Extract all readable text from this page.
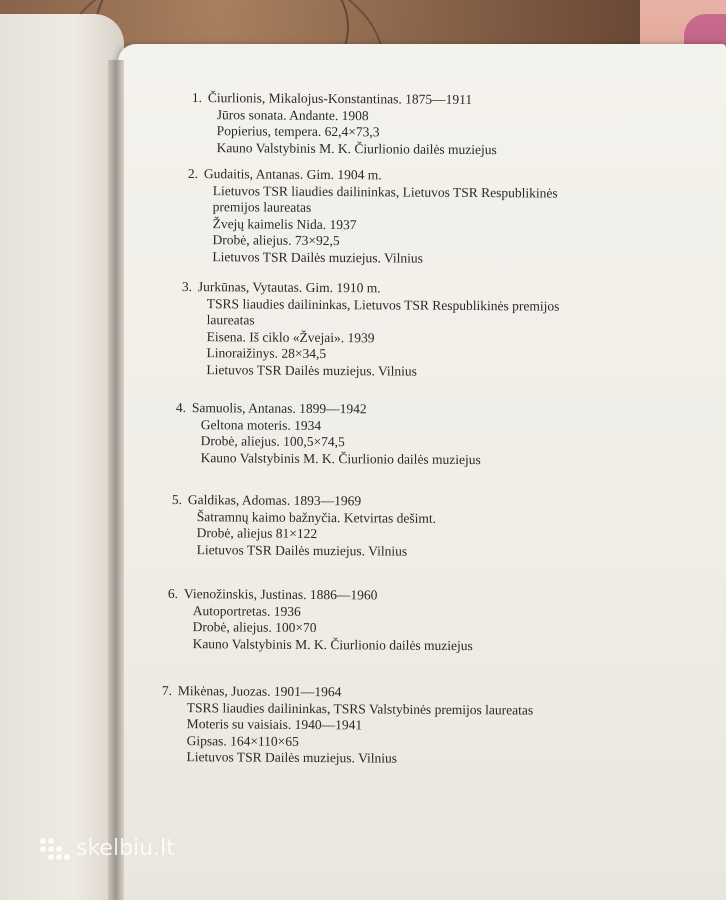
1. Čiurlionis, Mikalojus-Konstantinas. 1875—1911
Jūros sonata. Andante. 1908
Popierius, tempera. 62,4×73,3
Kauno Valstybinis M. K. Čiurlionio dailės muziejus
2. Gudaitis, Antanas. Gim. 1904 m.
Lietuvos TSR liaudies dailininkas, Lietuvos TSR Respublikinės
premijos laureatas
Žvejų kaimelis Nida. 1937
Drobė, aliejus. 73×92,5
Lietuvos TSR Dailės muziejus. Vilnius
3. Jurkūnas, Vytautas. Gim. 1910 m.
TSRS liaudies dailininkas, Lietuvos TSR Respublikinės premijos
laureatas
Eisena. Iš ciklo «Žvejai». 1939
Linoraižinys. 28×34,5
Lietuvos TSR Dailės muziejus. Vilnius
4. Samuolis, Antanas. 1899—1942
Geltona moteris. 1934
Drobė, aliejus. 100,5×74,5
Kauno Valstybinis M. K. Čiurlionio dailės muziejus
5. Galdikas, Adomas. 1893—1969
Šatramnų kaimo bažnyčia. Ketvirtas dešimt.
Drobė, aliejus 81×122
Lietuvos TSR Dailės muziejus. Vilnius
6. Vienožinskis, Justinas. 1886—1960
Autoportretas. 1936
Drobė, aliejus. 100×70
Kauno Valstybinis M. K. Čiurlionio dailės muziejus
7. Mikėnas, Juozas. 1901—1964
TSRS liaudies dailininkas, TSRS Valstybinės premijos laureatas
Moteris su vaisiais. 1940—1941
Gipsas. 164×110×65
Lietuvos TSR Dailės muziejus. Vilnius
skelbiu.lt
